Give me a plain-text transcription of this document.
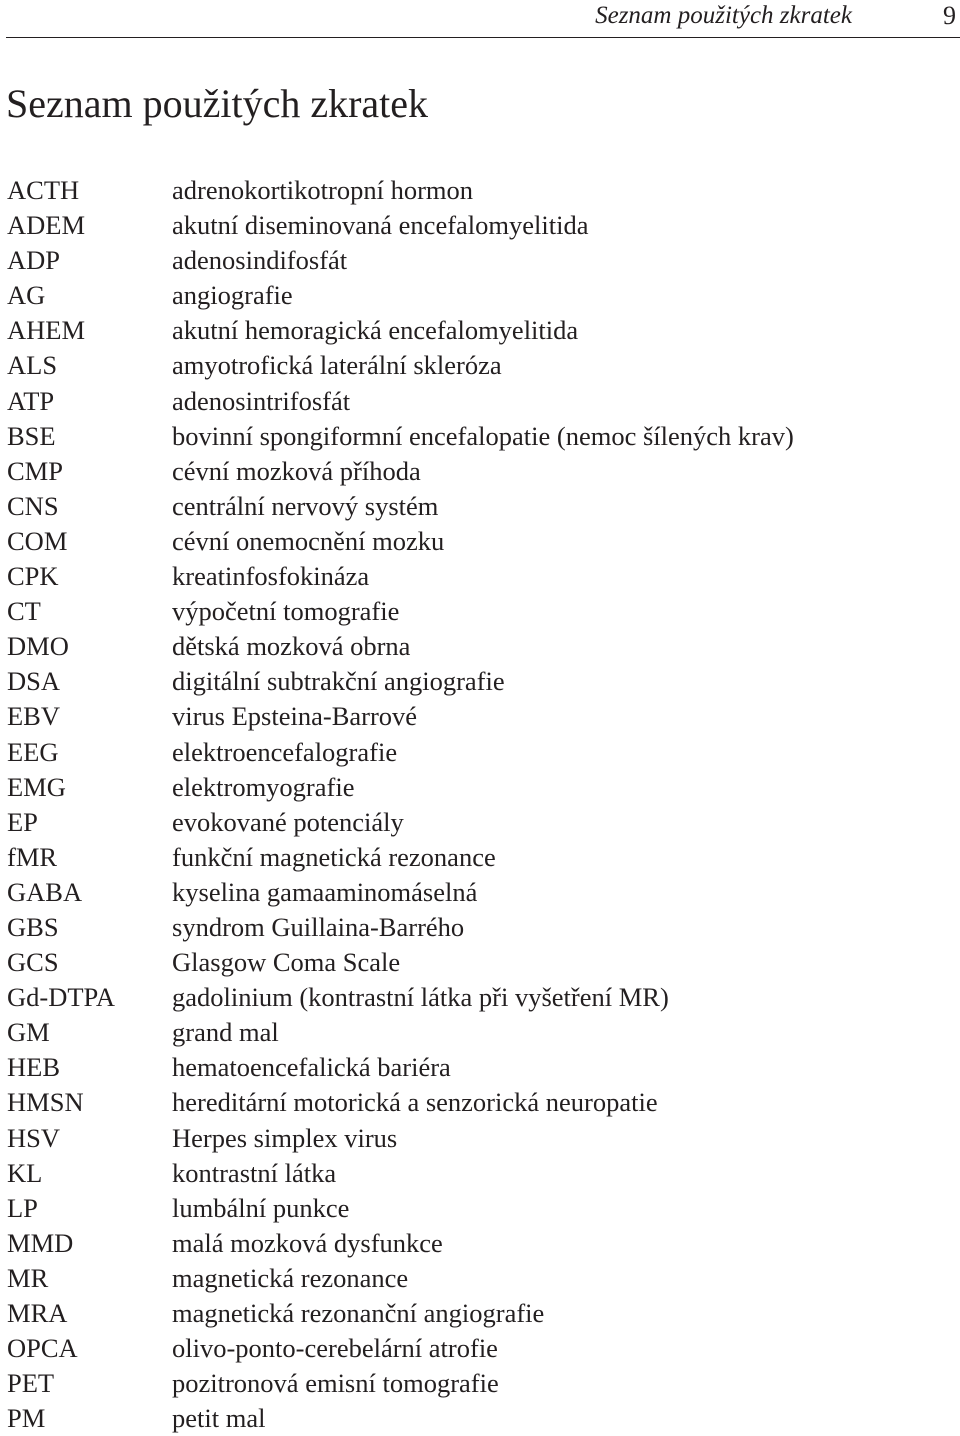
Seznam použitých zkratek	9
Seznam použitých zkratek
ACTH	adrenokortikotropní hormon
ADEM	akutní diseminovaná encefalomyelitida
ADP	adenosindifosfát
AG	angiografie
AHEM	akutní hemoragická encefalomyelitida
ALS	amyotrofická laterální skleróza
ATP	adenosintrifosfát
BSE	bovinní spongiformní encefalopatie (nemoc šílených krav)
CMP	cévní mozková příhoda
CNS	centrální nervový systém
COM	cévní onemocnění mozku
CPK	kreatinfosfokináza
CT	výpočetní tomografie
DMO	dětská mozková obrna
DSA	digitální subtrakční angiografie
EBV	virus Epsteina-Barrové
EEG	elektroencefalografie
EMG	elektromyografie
EP	evokované potenciály
fMR	funkční magnetická rezonance
GABA	kyselina gamaaminomáselná
GBS	syndrom Guillaina-Barrého
GCS	Glasgow Coma Scale
Gd-DTPA gadolinium (kontrastní látka při vyšetření MR)
GM	grand mal
HEB	hematoencefalická bariéra
HMSN	hereditární motorická a senzorická neuropatie
HSV	Herpes simplex virus
KL	kontrastní látka
LP	lumbální punkce
MMD	malá mozková dysfunkce
MR	magnetická rezonance
MRA	magnetická rezonanční angiografie
OPCA	olivo-ponto-cerebelární atrofie
PET	pozitronová emisní tomografie
PM	petit mal
